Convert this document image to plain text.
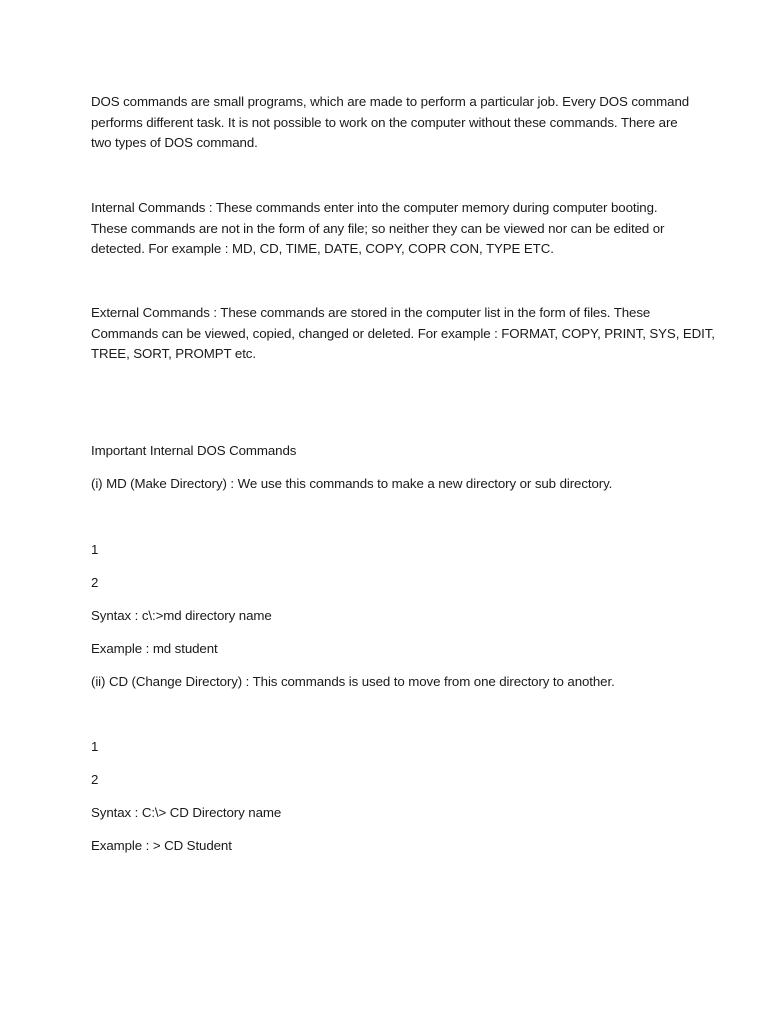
DOS commands are small programs, which are made to perform a particular job. Every DOS command
performs different task. It is not possible to work on the computer without these commands. There are
two types of DOS command.

Internal Commands : These commands enter into the computer memory during computer booting.
These commands are not in the form of any file; so neither they can be viewed nor can be edited or
detected. For example : MD, CD, TIME, DATE, COPY, COPR CON, TYPE ETC.

External Commands : These commands are stored in the computer list in the form of files. These
Commands can be viewed, copied, changed or deleted. For example : FORMAT, COPY, PRINT, SYS, EDIT,
TREE, SORT, PROMPT etc.

Important Internal DOS Commands

(i) MD (Make Directory) : We use this commands to make a new directory or sub directory.

1

2

Syntax : c\:>md directory name

Example : md student

(ii) CD (Change Directory) : This commands is used to move from one directory to another.

1

2

Syntax : C:\> CD Directory name

Example : > CD Student
